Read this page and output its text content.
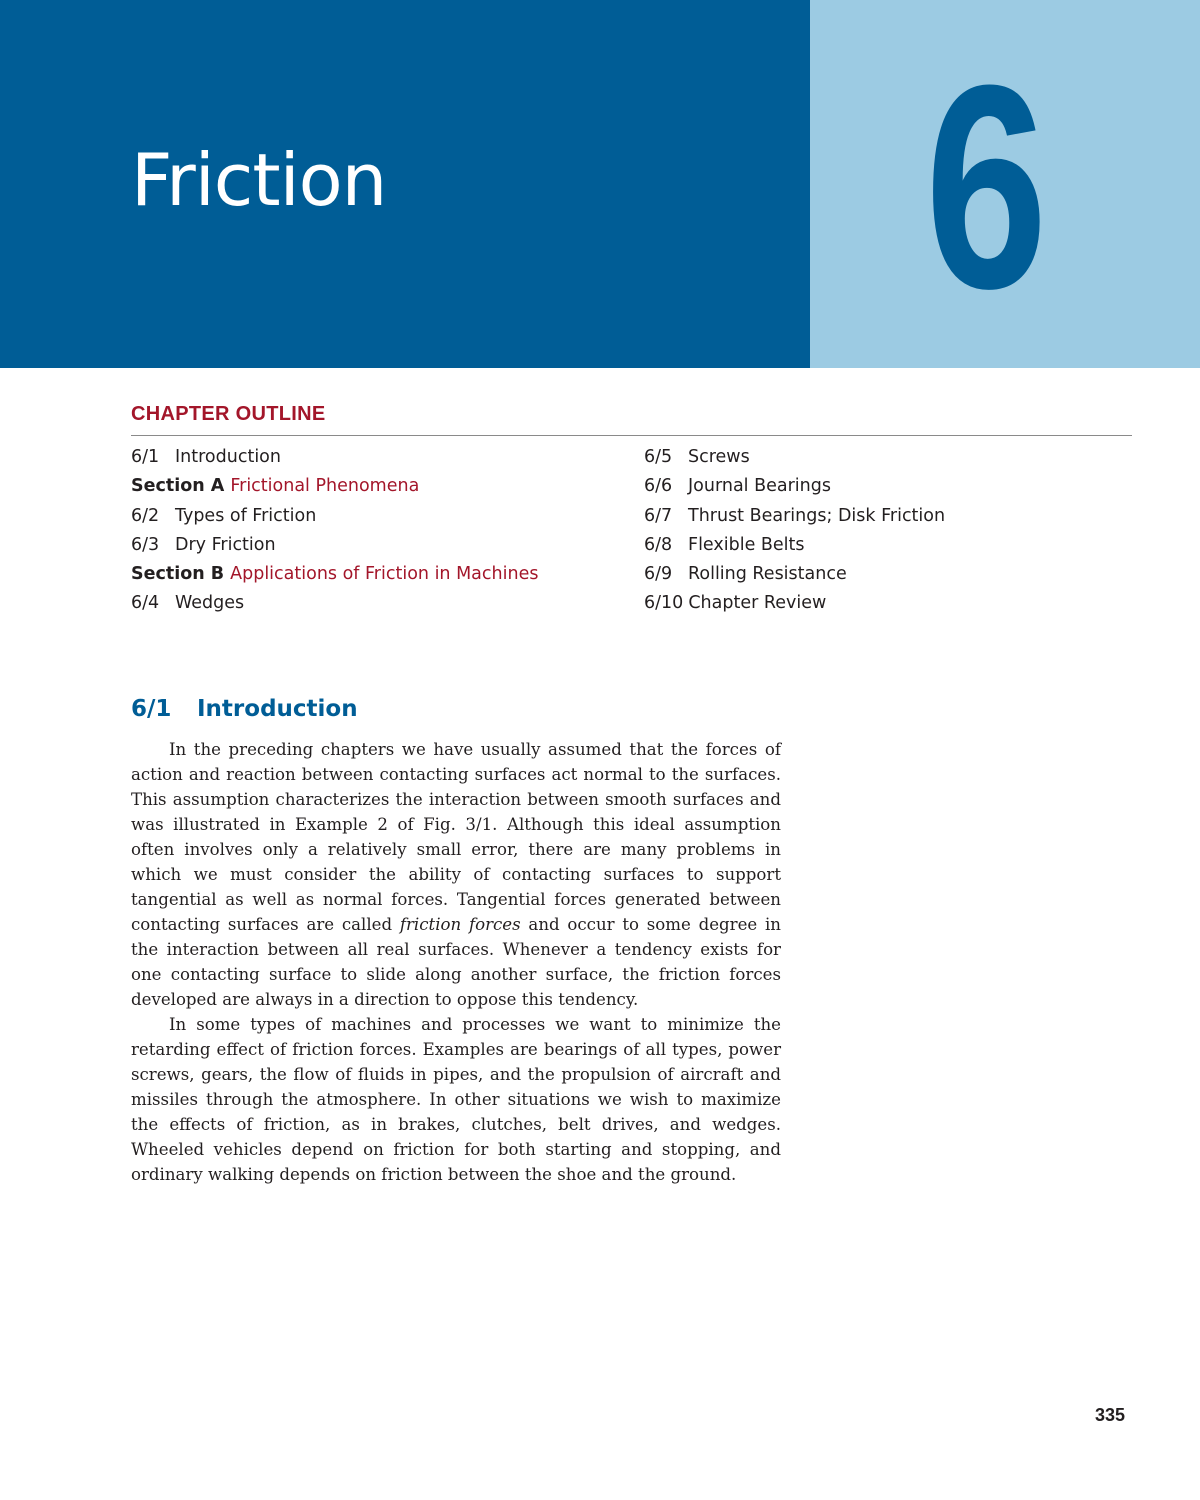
Friction 6
CHAPTER OUTLINE
6/1 Introduction
Section A Frictional Phenomena
6/2 Types of Friction
6/3 Dry Friction
Section B Applications of Friction in Machines
6/4 Wedges
6/5 Screws
6/6 Journal Bearings
6/7 Thrust Bearings; Disk Friction
6/8 Flexible Belts
6/9 Rolling Resistance
6/10 Chapter Review
6/1 Introduction

In the preceding chapters we have usually assumed that the forces of action and reaction between contacting surfaces act normal to the surfaces. This assumption characterizes the interaction between smooth surfaces and was illustrated in Example 2 of Fig. 3/1. Although this ideal assumption often involves only a relatively small error, there are many problems in which we must consider the ability of contacting surfaces to support tangential as well as normal forces. Tangential forces generated between contacting surfaces are called friction forces and occur to some degree in the interaction between all real surfaces. Whenever a tendency exists for one contacting surface to slide along another surface, the friction forces developed are always in a direction to oppose this tendency.

In some types of machines and processes we want to minimize the retarding effect of friction forces. Examples are bearings of all types, power screws, gears, the flow of fluids in pipes, and the propulsion of aircraft and missiles through the atmosphere. In other situations we wish to maximize the effects of friction, as in brakes, clutches, belt drives, and wedges. Wheeled vehicles depend on friction for both starting and stopping, and ordinary walking depends on friction between the shoe and the ground.

335
